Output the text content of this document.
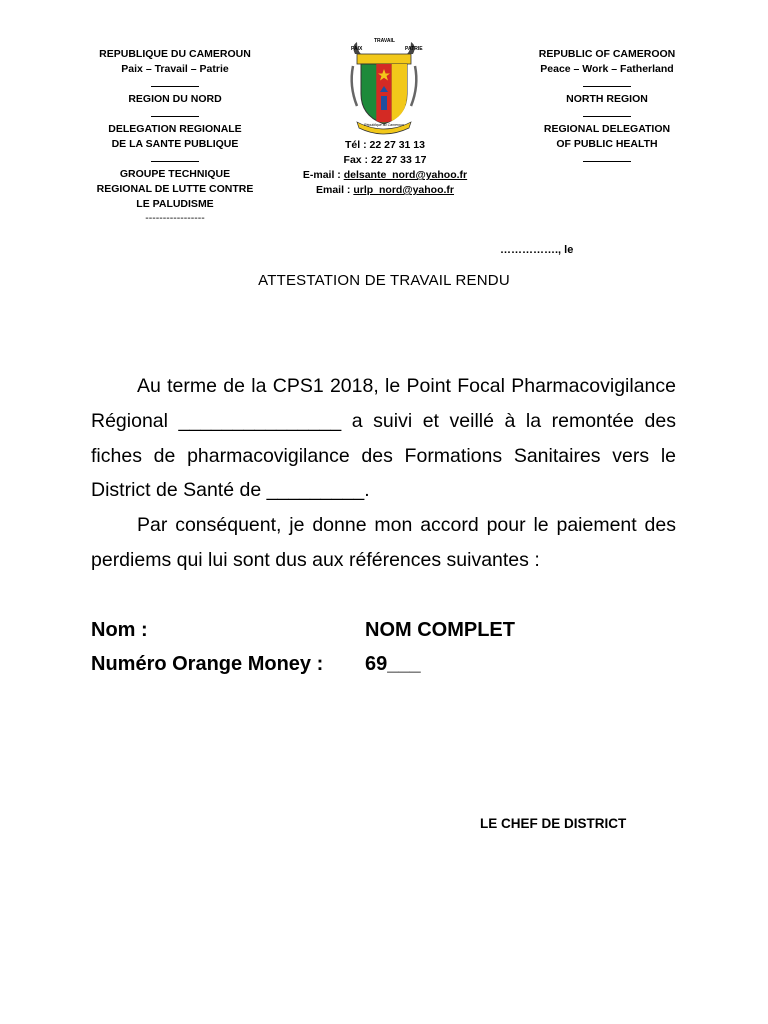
REPUBLIQUE DU CAMEROUN
Paix – Travail – Patrie
REGION DU NORD
DELEGATION REGIONALE
DE LA SANTE PUBLIQUE
GROUPE TECHNIQUE
REGIONAL DE LUTTE CONTRE
LE PALUDISME
-----------------
TRAVAIL
PAIX	PATRIE
République du Cameroun
Tél : 22 27 31 13
Fax : 22 27 33 17
E-mail : delsante_nord@yahoo.fr
Email : urlp_nord@yahoo.fr
REPUBLIC OF CAMEROON
Peace – Work – Fatherland
NORTH REGION
REGIONAL DELEGATION
OF PUBLIC HEALTH
……………., le
ATTESTATION DE TRAVAIL RENDU

Au terme de la CPS1 2018, le Point Focal Pharmacovigilance Régional _______________ a suivi et veillé à la remontée des fiches de pharmacovigilance des Formations Sanitaires vers le District de Santé de _________.

Par conséquent, je donne mon accord pour le paiement des perdiems qui lui sont dus aux références suivantes :

Nom :	NOM COMPLET
Numéro Orange Money :	69___
LE CHEF DE DISTRICT
